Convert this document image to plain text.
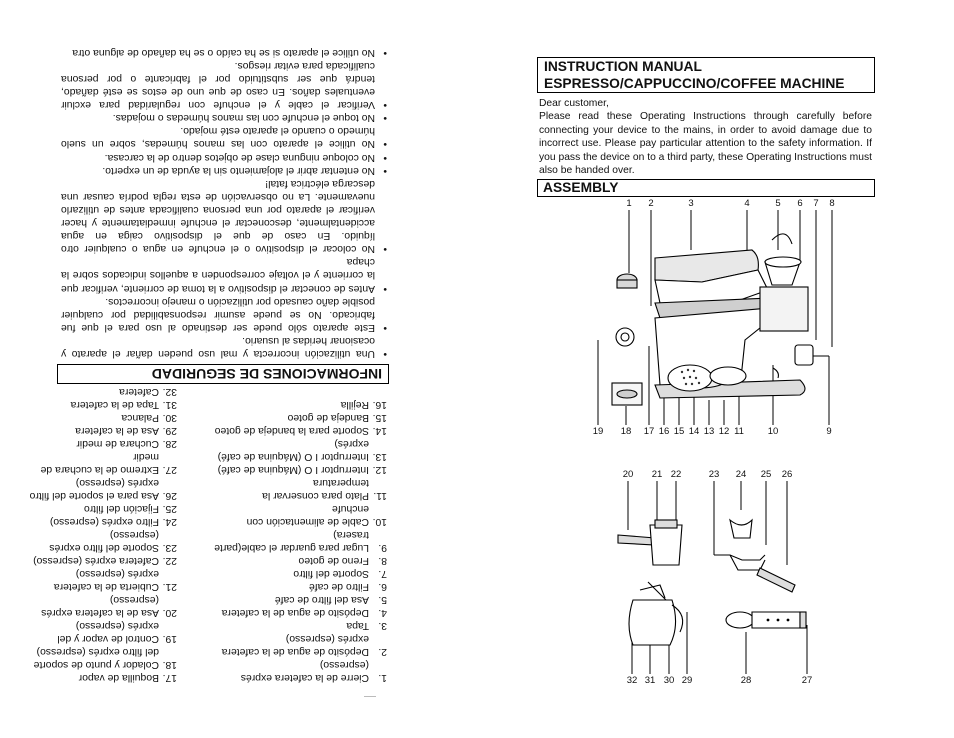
INFORMACIONES DE SEGURIDAD
• Una utilización incorrecta y mal uso pueden dañar el aparato y ocasionar heridas al usuario.
• Este aparato sólo puede ser destinado al uso para el que fue fabricado. No se puede asumir responsabilidad por cualquier posible daño causado por utilización o manejo incorrectos.
• Antes de conectar el dispositivo a la toma de corriente, verificar que la corriente y el voltaje corresponden a aquellos indicados sobre la chapa
• No colocar el dispositivo o el enchufe en agua o cualquier otro líquido. En caso de que el dispositivo caiga en agua accidentalmente, desconectar el enchufe inmediatamente y hacer verificar el aparato por una persona cualificada antes de utilizarlo nuevamente. La no observación de esta regla podría causar una descarga eléctrica fatal!
• No ententar abrir el alojamiento sin la ayuda de un experto.
• No coloque ninguna clase de objetos dentro de la carcasa.
• No utilice el aparato con las manos húmedas, sobre un suelo húmedo o cuando el aparato esté mojado.
• No toque el enchufe con las manos húmedas o mojadas.
• Verificar el cable y el enchufe con regularidad para excluir eventuales daños. En caso de que uno de estos se esté dañado, tendrá que ser substituido por el fabricante o por persona cualificada para evitar riesgos.
• No utilice el aparato si se ha caído o se ha dañado de alguna otra
1.
Cierre de la cafetera exprés
(espresso)
2.
Depósito de agua de la cafetera
exprés (espresso)
3.
Tapa
4.
Depósito de agua de la cafetera
5.
Asa del filtro de café
6.
Filtro de café
7.
Soporte del filtro
8.
Freno de goteo
9.
Lugar para guardar el cable(parte
trasera)
10.
Cable de alimentación con
enchufe
11.
Plato para conservar la
temperatura
12.
Interruptor I O (Máquina de café)
13.
Interruptor I O (Máquina de café)
exprés)
14.
Soporte para la bandeja de goteo
15.
Bandeja de goteo
16.
Rejilla
17.
Boquilla de vapor
18.
Colador y punto de soporte
del filtro exprés (espresso)
19.
Control de vapor y del
exprés (espresso)
20.
Asa de la cafetera exprés
(espresso)
21.
Cubierta de la cafetera
exprés (espresso)
22.
Cafetera exprés (espresso)
23.
Soporte del filtro exprés
(espresso)
24.
Filtro exprés (espresso)
25.
Fijación del filtro
26.
Asa para el soporte del filtro
exprés (espresso)
27.
Extremo de la cuchara de medir
28.
Cuchara de medir
29.
Asa de la cafetera
30.
Palanca
31.
Tapa de la cafetera
32.
Cafetera
INSTRUCTION MANUAL
ESPRESSO/CAPPUCCINO/COFFEE MACHINE

Dear customer,

Please read these Operating Instructions through carefully before connecting your device to the mains, in order to avoid damage due to incorrect use. Please pay particular attention to the safety information. If you pass the device on to a third party, these Operating Instructions must also be handed over.

ASSEMBLY
1 2	3	4	5 6 7 8
19 18 17 16 15 14 13 12 11	10	9
20 21 22	23 24 25 26
32 31 30 29	28	27
